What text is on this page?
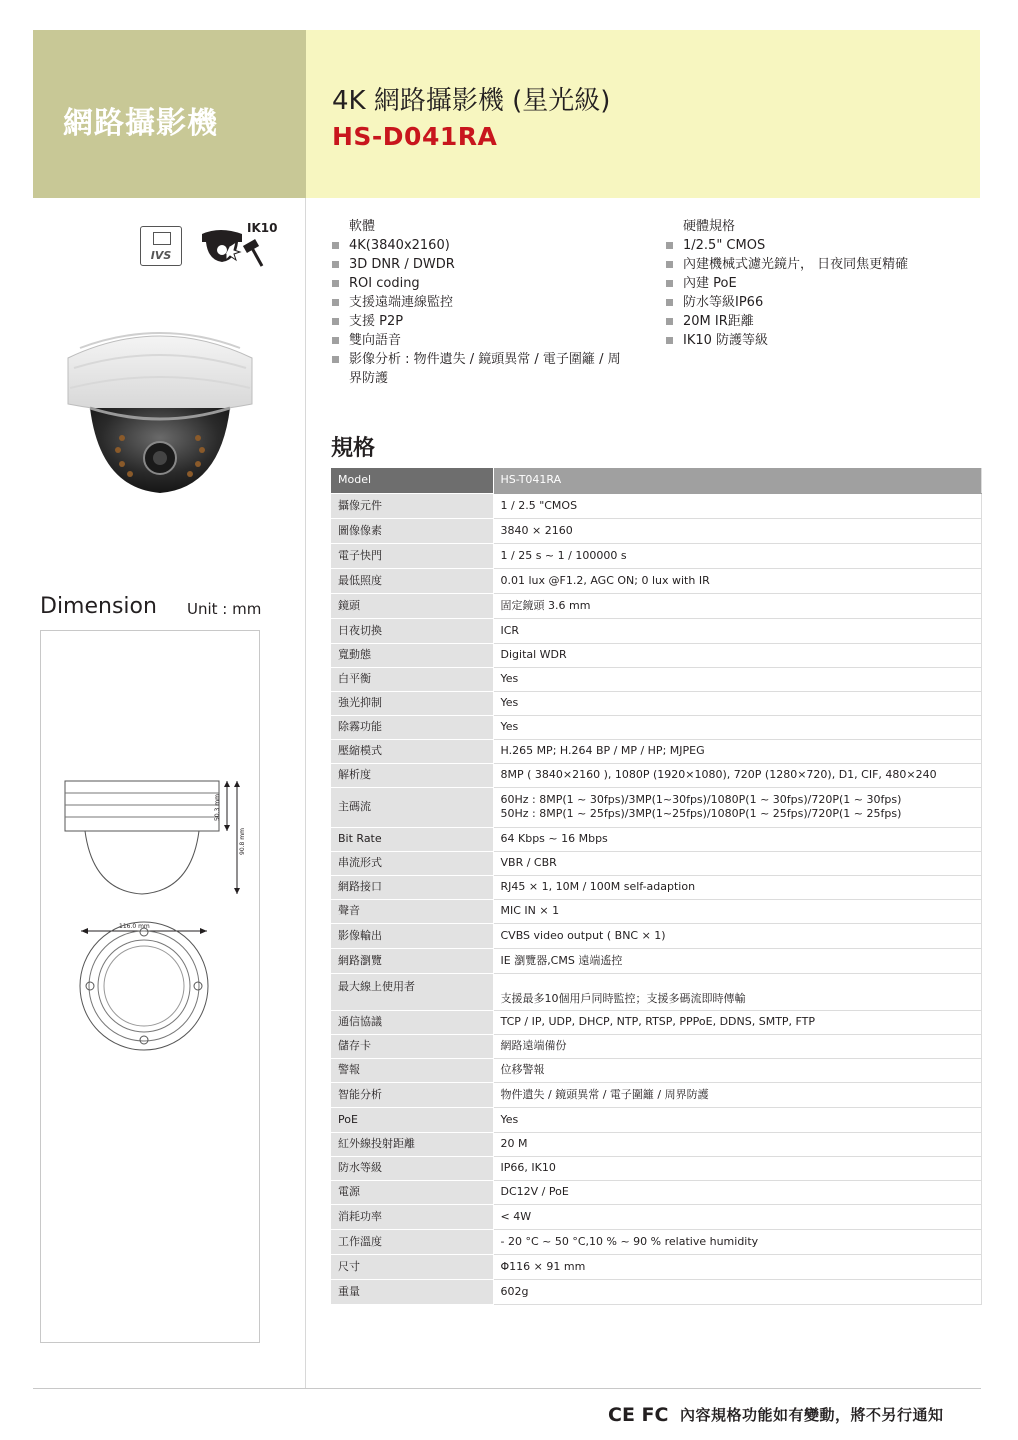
網路攝影機
4K 網路攝影機 (星光級)
HS-D041RA
IVS
IK10
Dimension Unit : mm
50.3 mm
90.8 mm
116.0 mm
軟體
4K(3840x2160)
3D DNR / DWDR
ROI coding
支援遠端連線監控
支援 P2P
雙向語音
影像分析 : 物件遺失 / 鏡頭異常 / 電子圍籬 / 周界防護
硬體規格
1/2.5" CMOS
內建機械式濾光鏡片， 日夜同焦更精確
內建 PoE
防水等級IP66
20M IR距離
IK10 防護等級
規格
Model	HS-T041RA
攝像元件	1 / 2.5 "CMOS
圖像像素	3840 × 2160
電子快門	1 / 25 s ~ 1 / 100000 s
最低照度	0.01 lux @F1.2, AGC ON; 0 lux with IR
鏡頭	固定鏡頭 3.6 mm
日夜切換	ICR
寬動態	Digital WDR
白平衡	Yes
強光抑制	Yes
除霧功能	Yes
壓縮模式	H.265 MP; H.264 BP / MP / HP; MJPEG
解析度	8MP ( 3840×2160 ), 1080P (1920×1080), 720P (1280×720), D1, CIF, 480×240
主碼流	60Hz : 8MP(1 ~ 30fps)/3MP(1~30fps)/1080P(1 ~ 30fps)/720P(1 ~ 30fps)
50Hz : 8MP(1 ~ 25fps)/3MP(1~25fps)/1080P(1 ~ 25fps)/720P(1 ~ 25fps)

Bit Rate	64 Kbps ~ 16 Mbps
串流形式	VBR / CBR
網路接口	RJ45 × 1, 10M / 100M self-adaption
聲音	MIC IN × 1
影像輸出	CVBS video output ( BNC × 1)
網路瀏覽	IE 瀏覽器,CMS 遠端遙控
最大線上使用者	支援最多10個用戶同時監控；支援多碼流即時傳輸
通信協議	TCP / IP, UDP, DHCP, NTP, RTSP, PPPoE, DDNS, SMTP, FTP
儲存卡	網路遠端備份
警報	位移警報
智能分析	物件遺失 / 鏡頭異常 / 電子圍籬 / 周界防護
PoE	Yes
紅外線投射距離	20 M
防水等級	IP66, IK10
電源	DC12V / PoE
消耗功率	< 4W
工作溫度	- 20 °C ~ 50 °C,10 % ~ 90 % relative humidity
尺寸	Φ116 × 91 mm
重量	602g
CE FC 內容規格功能如有變動，將不另行通知
